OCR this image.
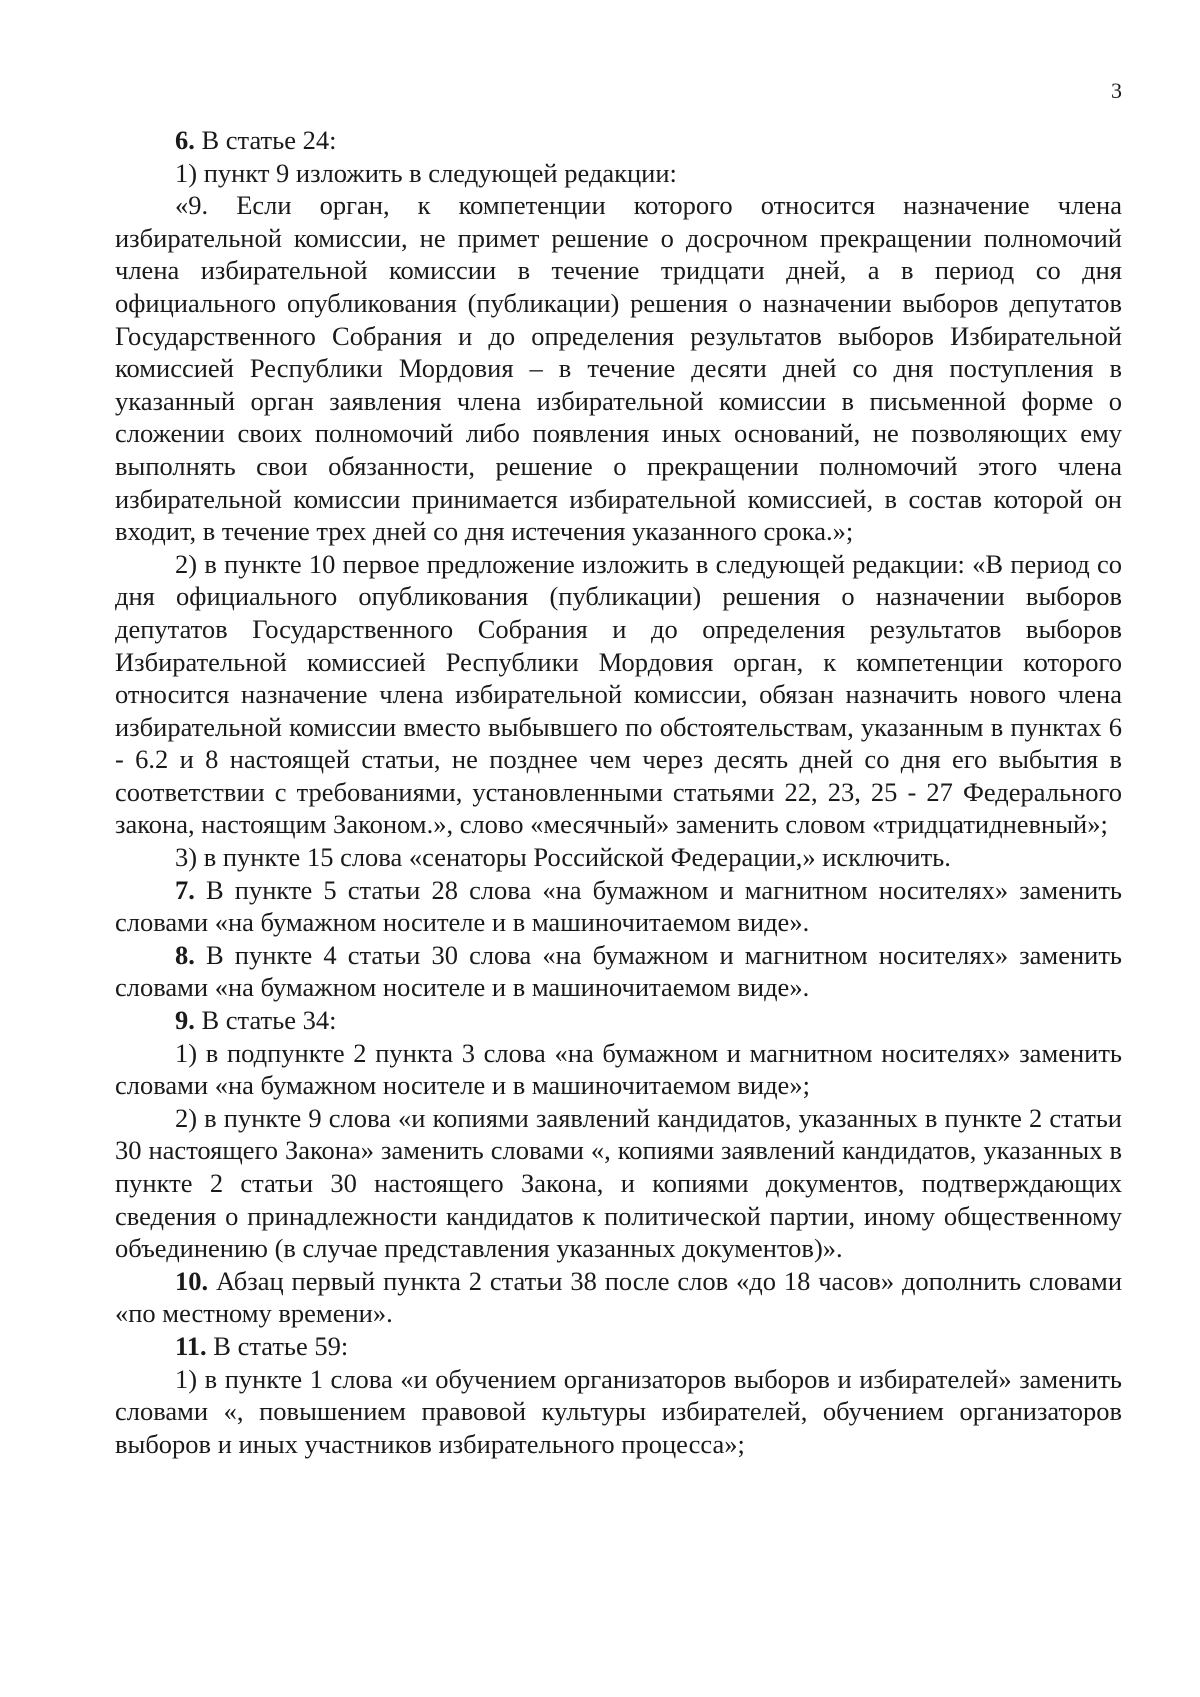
3

6. В статье 24:

1) пункт 9 изложить в следующей редакции:

«9. Если орган, к компетенции которого относится назначение члена избирательной комиссии, не примет решение о досрочном прекращении полномочий члена избирательной комиссии в течение тридцати дней, а в период со дня официального опубликования (публикации) решения о назначении выборов депутатов Государственного Собрания и до определения результатов выборов Избирательной комиссией Республики Мордовия – в течение десяти дней со дня поступления в указанный орган заявления члена избирательной комиссии в письменной форме о сложении своих полномочий либо появления иных оснований, не позволяющих ему выполнять свои обязанности, решение о прекращении полномочий этого члена избирательной комиссии принимается избирательной комиссией, в состав которой он входит, в течение трех дней со дня истечения указанного срока.»;

2) в пункте 10 первое предложение изложить в следующей редакции: «В период со дня официального опубликования (публикации) решения о назначении выборов депутатов Государственного Собрания и до определения результатов выборов Избирательной комиссией Республики Мордовия орган, к компетенции которого относится назначение члена избирательной комиссии, обязан назначить нового члена избирательной комиссии вместо выбывшего по обстоятельствам, указанным в пунктах 6 - 6.2 и 8 настоящей статьи, не позднее чем через десять дней со дня его выбытия в соответствии с требованиями, установленными статьями 22, 23, 25 - 27 Федерального закона, настоящим Законом.», слово «месячный» заменить словом «тридцатидневный»;

3) в пункте 15 слова «сенаторы Российской Федерации,» исключить.

7. В пункте 5 статьи 28 слова «на бумажном и магнитном носителях» заменить словами «на бумажном носителе и в машиночитаемом виде».

8. В пункте 4 статьи 30 слова «на бумажном и магнитном носителях» заменить словами «на бумажном носителе и в машиночитаемом виде».

9. В статье 34:

1) в подпункте 2 пункта 3 слова «на бумажном и магнитном носителях» заменить словами «на бумажном носителе и в машиночитаемом виде»;

2) в пункте 9 слова «и копиями заявлений кандидатов, указанных в пункте 2 статьи 30 настоящего Закона» заменить словами «, копиями заявлений кандидатов, указанных в пункте 2 статьи 30 настоящего Закона, и копиями документов, подтверждающих сведения о принадлежности кандидатов к политической партии, иному общественному объединению (в случае представления указанных документов)».

10. Абзац первый пункта 2 статьи 38 после слов «до 18 часов» дополнить словами «по местному времени».

11. В статье 59:

1) в пункте 1 слова «и обучением организаторов выборов и избирателей» заменить словами «, повышением правовой культуры избирателей, обучением организаторов выборов и иных участников избирательного процесса»;
